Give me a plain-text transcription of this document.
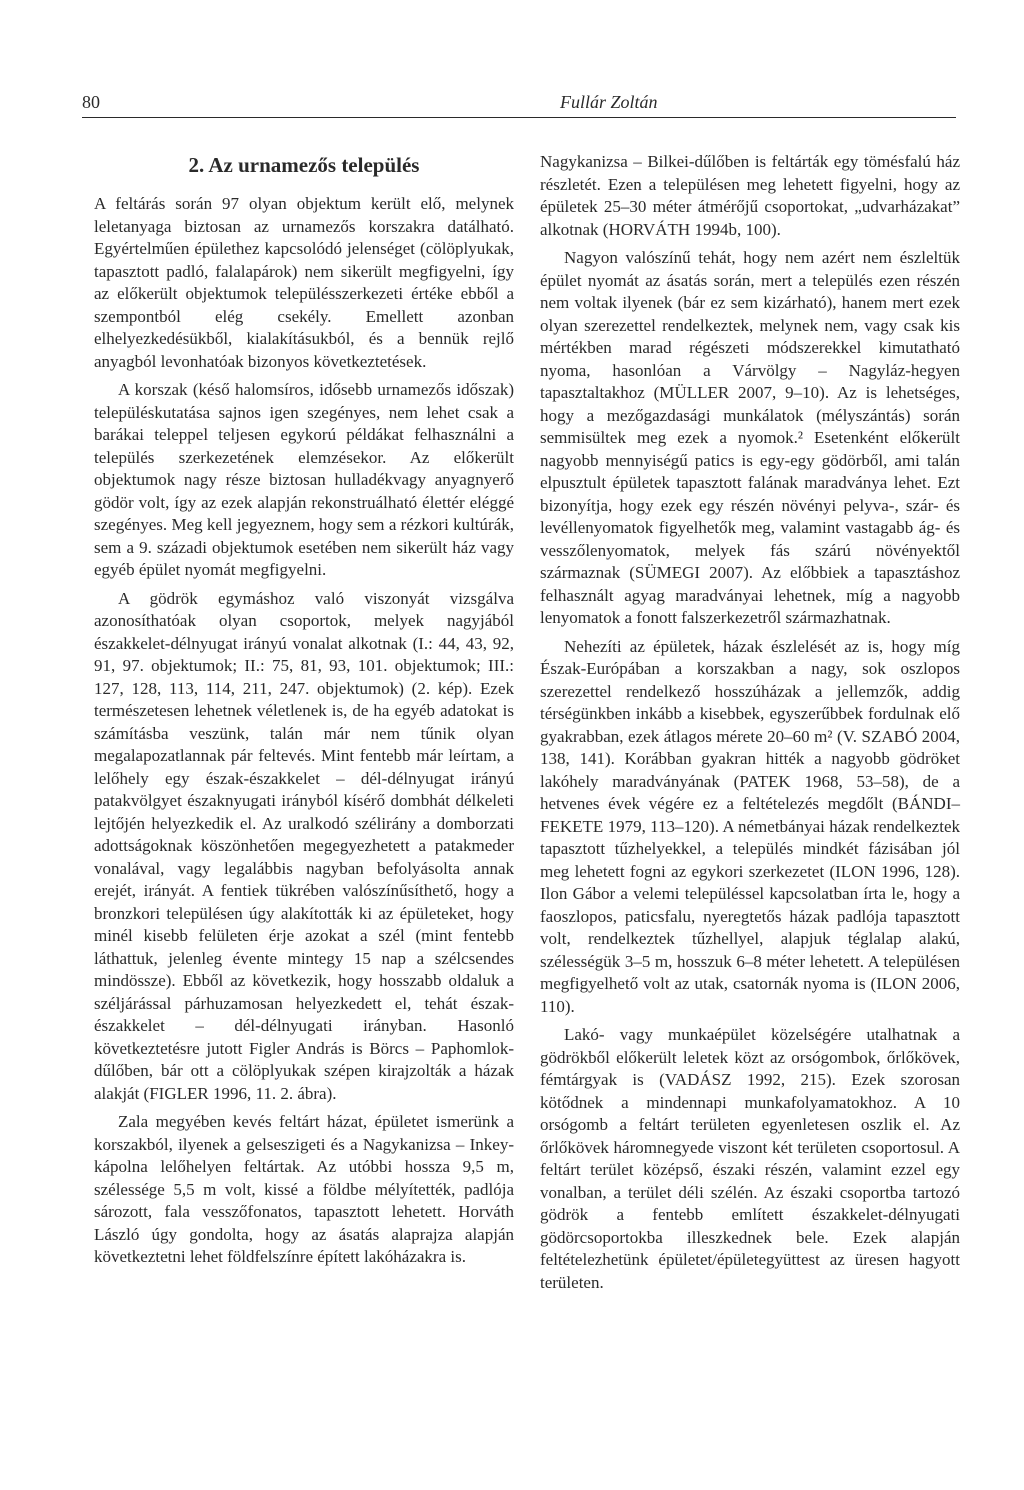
80	Fullár Zoltán
2. Az urnamezős település

A feltárás során 97 olyan objektum került elő, melynek leletanyaga biztosan az urnamezős korszakra datálható. Egyértelműen épülethez kapcsolódó jelenséget (cölöplyukak, tapasztott padló, falalapárok) nem sikerült megfigyelni, így az előkerült objektumok településszerkezeti értéke ebből a szempontból elég csekély. Emellett azonban elhelyezkedésükből, kialakításukból, és a bennük rejlő anyagból levonhatóak bizonyos következtetések.

A korszak (késő halomsíros, idősebb urnamezős időszak) településkutatása sajnos igen szegényes, nem lehet csak a barákai teleppel teljesen egykorú példákat felhasználni a település szerkezetének elemzésekor. Az előkerült objektumok nagy része biztosan hulladékvagy anyagnyerő gödör volt, így az ezek alapján rekonstruálható élettér eléggé szegényes. Meg kell jegyeznem, hogy sem a rézkori kultúrák, sem a 9. századi objektumok esetében nem sikerült ház vagy egyéb épület nyomát megfigyelni.

A gödrök egymáshoz való viszonyát vizsgálva azonosíthatóak olyan csoportok, melyek nagyjából északkelet-délnyugat irányú vonalat alkotnak (I.: 44, 43, 92, 91, 97. objektumok; II.: 75, 81, 93, 101. objektumok; III.: 127, 128, 113, 114, 211, 247. objektumok) (2. kép). Ezek természetesen lehetnek véletlenek is, de ha egyéb adatokat is számításba veszünk, talán már nem tűnik olyan megalapozatlannak pár feltevés. Mint fentebb már leírtam, a lelőhely egy észak-északkelet – dél-délnyugat irányú patakvölgyet északnyugati irányból kísérő dombhát délkeleti lejtőjén helyezkedik el. Az uralkodó szélirány a domborzati adottságoknak köszönhetően megegyezhetett a patakmeder vonalával, vagy legalábbis nagyban befolyásolta annak erejét, irányát. A fentiek tükrében valószínűsíthető, hogy a bronzkori településen úgy alakították ki az épületeket, hogy minél kisebb felületen érje azokat a szél (mint fentebb láthattuk, jelenleg évente mintegy 15 nap a szélcsendes mindössze). Ebből az következik, hogy hosszabb oldaluk a széljárással párhuzamosan helyezkedett el, tehát észak-északkelet – dél-délnyugati irányban. Hasonló következtetésre jutott Figler András is Börcs – Paphomlok-dűlőben, bár ott a cölöplyukak szépen kirajzolták a házak alakját (FIGLER 1996, 11. 2. ábra).

Zala megyében kevés feltárt házat, épületet ismerünk a korszakból, ilyenek a gelseszigeti és a Nagykanizsa – Inkey-kápolna lelőhelyen feltártak. Az utóbbi hossza 9,5 m, szélessége 5,5 m volt, kissé a földbe mélyítették, padlója sározott, fala vesszőfonatos, tapasztott lehetett. Horváth László úgy gondolta, hogy az ásatás alaprajza alapján következtetni lehet földfelszínre épített lakóházakra is.

Nagykanizsa – Bilkei-dűlőben is feltárták egy tömésfalú ház részletét. Ezen a településen meg lehetett figyelni, hogy az épületek 25–30 méter átmérőjű csoportokat, „udvarházakat” alkotnak (HORVÁTH 1994b, 100).

Nagyon valószínű tehát, hogy nem azért nem észleltük épület nyomát az ásatás során, mert a település ezen részén nem voltak ilyenek (bár ez sem kizárható), hanem mert ezek olyan szerezettel rendelkeztek, melynek nem, vagy csak kis mértékben marad régészeti módszerekkel kimutatható nyoma, hasonlóan a Várvölgy – Nagyláz-hegyen tapasztaltakhoz (MÜLLER 2007, 9–10). Az is lehetséges, hogy a mezőgazdasági munkálatok (mélyszántás) során semmisültek meg ezek a nyomok.² Esetenként előkerült nagyobb mennyiségű patics is egy-egy gödörből, ami talán elpusztult épületek tapasztott falának maradványa lehet. Ezt bizonyítja, hogy ezek egy részén növényi pelyva-, szár- és levéllenyomatok figyelhetők meg, valamint vastagabb ág- és vesszőlenyomatok, melyek fás szárú növényektől származnak (SÜMEGI 2007). Az előbbiek a tapasztáshoz felhasznált agyag maradványai lehetnek, míg a nagyobb lenyomatok a fonott falszerkezetről származhatnak.

Nehezíti az épületek, házak észlelését az is, hogy míg Észak-Európában a korszakban a nagy, sok oszlopos szerezettel rendelkező hosszúházak a jellemzők, addig térségünkben inkább a kisebbek, egyszerűbbek fordulnak elő gyakrabban, ezek átlagos mérete 20–60 m² (V. SZABÓ 2004, 138, 141). Korábban gyakran hitték a nagyobb gödröket lakóhely maradványának (PATEK 1968, 53–58), de a hetvenes évek végére ez a feltételezés megdőlt (BÁNDI–FEKETE 1979, 113–120). A németbányai házak rendelkeztek tapasztott tűzhelyekkel, a település mindkét fázisában jól meg lehetett fogni az egykori szerkezetet (ILON 1996, 128). Ilon Gábor a velemi településsel kapcsolatban írta le, hogy a faoszlopos, paticsfalu, nyeregtetős házak padlója tapasztott volt, rendelkeztek tűzhellyel, alapjuk téglalap alakú, szélességük 3–5 m, hosszuk 6–8 méter lehetett. A településen megfigyelhető volt az utak, csatornák nyoma is (ILON 2006, 110).

Lakó- vagy munkaépület közelségére utalhatnak a gödrökből előkerült leletek közt az orsógombok, őrlőkövek, fémtárgyak is (VADÁSZ 1992, 215). Ezek szorosan kötődnek a mindennapi munkafolyamatokhoz. A 10 orsógomb a feltárt területen egyenletesen oszlik el. Az őrlőkövek háromnegyede viszont két területen csoportosul. A feltárt terület középső, északi részén, valamint ezzel egy vonalban, a terület déli szélén. Az északi csoportba tartozó gödrök a fentebb említett északkelet-délnyugati gödörcsoportokba illeszkednek bele. Ezek alapján feltételezhetünk épületet/épületegyüttest az üresen hagyott területen.
